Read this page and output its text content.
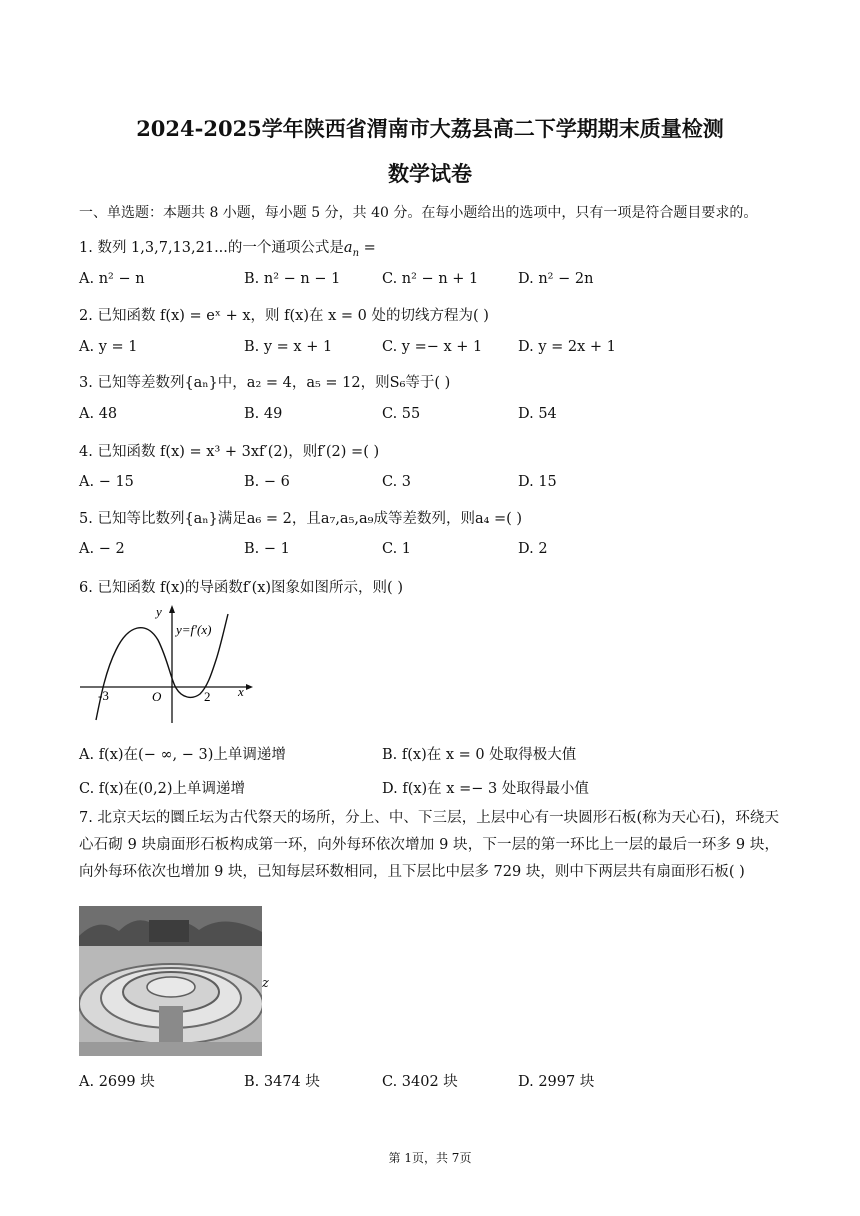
2024-2025学年陕西省渭南市大荔县高二下学期期末质量检测
数学试卷
一、单选题：本题共 8 小题，每小题 5 分，共 40 分。在每小题给出的选项中，只有一项是符合题目要求的。
1. 数列 1,3,7,13,21...的一个通项公式是$a_n$ =
A. n² − n	B. n² − n − 1	C. n² − n + 1	D. n² − 2n
2. 已知函数 f(x) = eˣ + x，则 f(x)在 x = 0 处的切线方程为( )
A. y = 1	B. y = x + 1	C. y =− x + 1 D. y = 2x + 1
3. 已知等差数列{aₙ}中，a₂ = 4，a₅ = 12，则S₆等于( )
A. 48	B. 49	C. 55	D. 54
4. 已知函数 f(x) = x³ + 3xf′(2)，则f′(2) =( )
A. − 15	B. − 6	C. 3	D. 15
5. 已知等比数列{aₙ}满足a₆ = 2，且a₇,a₅,a₉成等差数列，则a₄ =( )
A. − 2	B. − 1	C. 1	D. 2
6. 已知函数 f(x)的导函数f′(x)图象如图所示，则( )
y
x
y=f′(x)
O
-3	2
A. f(x)在(− ∞, − 3)上单调递增	B. f(x)在 x = 0 处取得极大值
C. f(x)在(0,2)上单调递增	D. f(x)在 x =− 3 处取得最小值
7. 北京天坛的圜丘坛为古代祭天的场所，分上、中、下三层，上层中心有一块圆形石板(称为天心石)，环绕天心石砌 9 块扇面形石板构成第一环，向外每环依次增加 9 块，下一层的第一环比上一层的最后一环多 9 块，向外每环依次也增加 9 块，已知每层环数相同，且下层比中层多 729 块，则中下两层共有扇面形石板( )
z
A. 2699 块	B. 3474 块	C. 3402 块	D. 2997 块
第 1页，共 7页
